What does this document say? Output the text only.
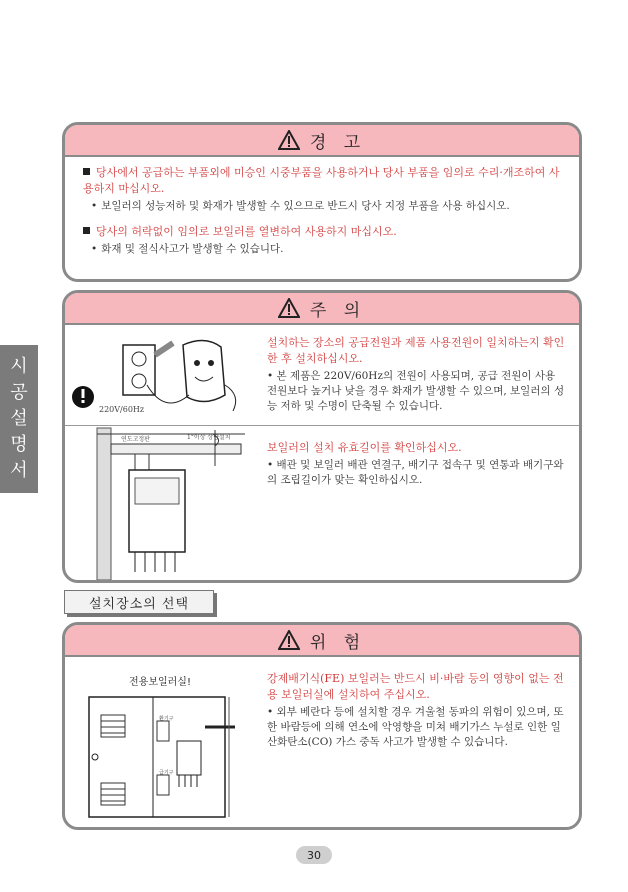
시
공
설
명
서
경 고
당사에서 공급하는 부품외에 미승인 시중부품을 사용하거나 당사 부품을 임의로 수리·개조하여 사용하지 마십시오.
• 보일러의 성능저하 및 화재가 발생할 수 있으므로 반드시 당사 지정 부품을 사용 하십시오.
당사의 허락없이 임의로 보일러를 열변하여 사용하지 마십시오.
• 화재 및 절식사고가 발생할 수 있습니다.
주 의
220V/60Hz
설치하는 장소의 공급전원과 제품 사용전원이 일치하는지 확인한 후 설치하십시오.
• 본 제품은 220V/60Hz의 전원이 사용되며, 공급 전원이 사용전원보다 높거나 낮을 경우 화재가 발생할 수 있으며, 보일러의 성능 저하 및 수명이 단축될 수 있습니다.
연도고정판	1°이상 상향설치
보일러의 설치 유효길이를 확인하십시오.
• 배관 및 보일러 배관 연결구, 배기구 접속구 및 연통과 배기구와의 조립길이가 맞는 확인하십시오.
설치장소의 선택
위 험
전용보일러실!
환기구
급기구
강제배기식(FE) 보일러는 반드시 비·바람 등의 영향이 없는 전용 보일러실에 설치하여 주십시오.
• 외부 베란다 등에 설치할 경우 겨울철 동파의 위험이 있으며, 또한 바람등에 의해 연소에 악영향을 미쳐 배기가스 누설로 인한 일산화탄소(CO) 가스 중독 사고가 발생할 수 있습니다.
30
